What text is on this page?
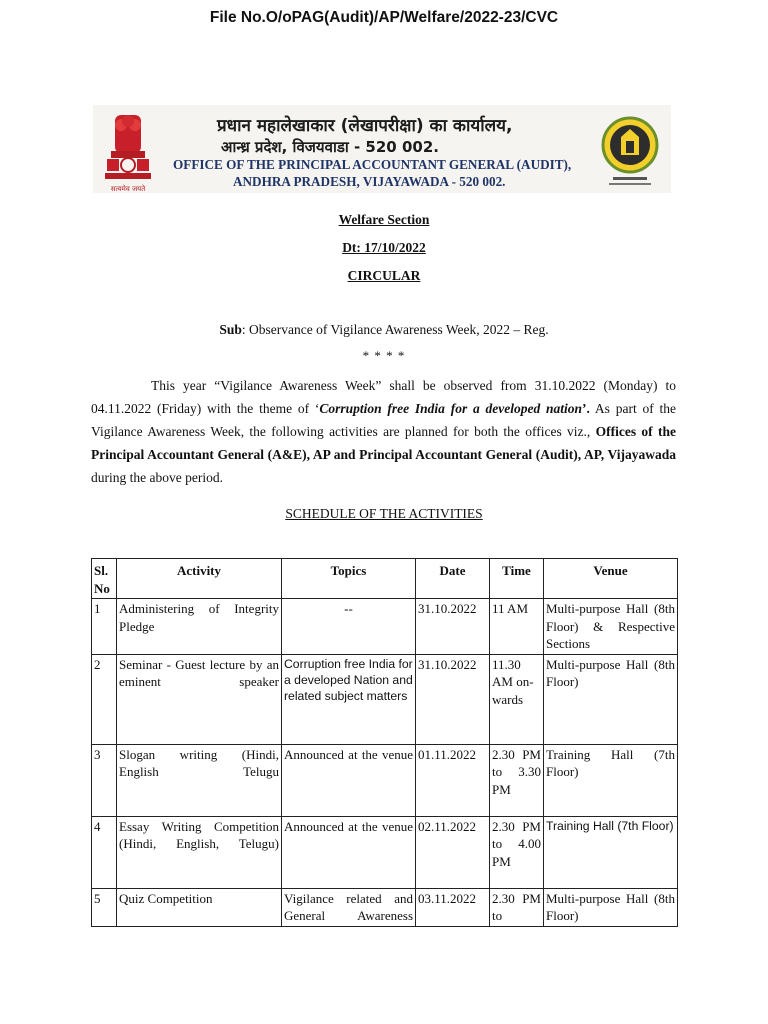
File No.O/oPAG(Audit)/AP/Welfare/2022-23/CVC
सत्यमेव जयते
प्रधान महालेखाकार (लेखापरीक्षा) का कार्यालय,
आन्ध्र प्रदेश, विजयवाडा - 520 002.
OFFICE OF THE PRINCIPAL ACCOUNTANT GENERAL (AUDIT),
ANDHRA PRADESH, VIJAYAWADA - 520 002.
Welfare Section
Dt: 17/10/2022
CIRCULAR
Sub: Observance of Vigilance Awareness Week, 2022 – Reg.
* * * *
This year “Vigilance Awareness Week” shall be observed from 31.10.2022 (Monday) to 04.11.2022 (Friday) with the theme of ‘Corruption free India for a developed nation’. As part of the Vigilance Awareness Week, the following activities are planned for both the offices viz., Offices of the Principal Accountant General (A&E), AP and Principal Accountant General (Audit), AP, Vijayawada during the above period.
SCHEDULE OF THE ACTIVITIES
Sl. No	Activity	Topics	Date	Time	Venue
1	Administering of Integrity Pledge	--	31.10.2022	11 AM	Multi-purpose Hall (8th Floor) & Respective Sections
2	Seminar - Guest lecture by an eminent speaker	Corruption free India for a developed Nation and related subject matters	31.10.2022	11.30 AM on-wards	Multi-purpose Hall (8th Floor)
3	Slogan writing (Hindi, English Telugu	Announced at the venue	01.11.2022	2.30 PM to 3.30 PM	Training Hall (7th Floor)
4	Essay Writing Competition (Hindi, English, Telugu)	Announced at the venue	02.11.2022	2.30 PM to 4.00 PM	Training Hall (7th Floor)
5	Quiz Competition	Vigilance related and General Awareness	03.11.2022	2.30 PM to	Multi-purpose Hall (8th Floor)
